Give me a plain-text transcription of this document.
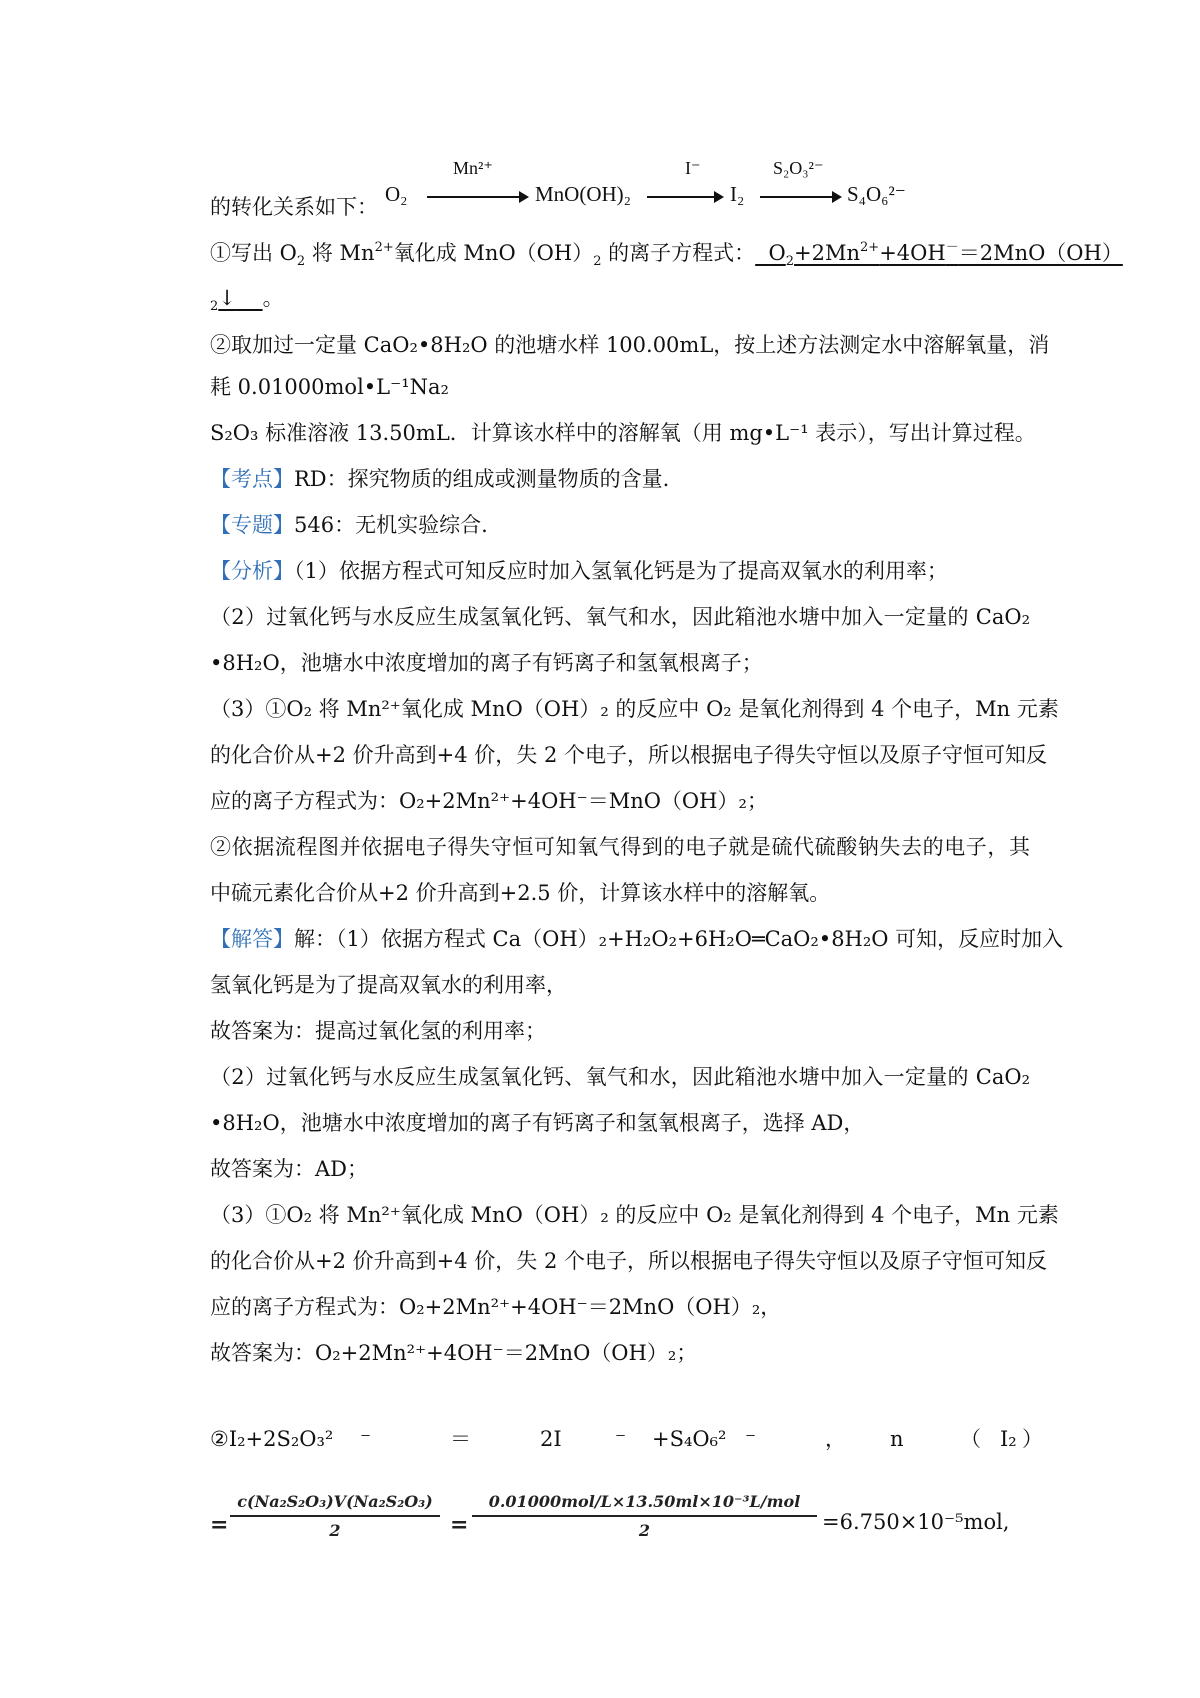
O₂
Mn²⁺
MnO(OH)₂
I⁻
I₂
S₂O₃²⁻
S₄O₆²⁻
的转化关系如下：
①写出 $O_2$ 将 $Mn^{2+}$氧化成 $MnO(OH)_2$ 的离子方程式： $O_2+2Mn^{2+}+4OH^-=2MnO(OH)$
$_2$↓ 。
②取加过一定量 CaO₂•8H₂O 的池塘水样 100.00mL，按上述方法测定水中溶解氧量，消
耗 0.01000mol•L⁻¹Na₂
S₂O₃ 标准溶液 13.50mL．计算该水样中的溶解氧（用 mg•L⁻¹ 表示），写出计算过程。
【考点】RD：探究物质的组成或测量物质的含量.
【专题】546：无机实验综合.
【分析】（1）依据方程式可知反应时加入氢氧化钙是为了提高双氧水的利用率；
（2）过氧化钙与水反应生成氢氧化钙、氧气和水，因此箱池水塘中加入一定量的 CaO₂
•8H₂O，池塘水中浓度增加的离子有钙离子和氢氧根离子；
（3）①O₂ 将 Mn²⁺氧化成 MnO（OH）₂ 的反应中 O₂ 是氧化剂得到 4 个电子，Mn 元素
的化合价从+2 价升高到+4 价，失 2 个电子，所以根据电子得失守恒以及原子守恒可知反
应的离子方程式为：O₂+2Mn²⁺+4OH⁻＝MnO（OH）₂；
②依据流程图并依据电子得失守恒可知氧气得到的电子就是硫代硫酸钠失去的电子，其
中硫元素化合价从+2 价升高到+2.5 价，计算该水样中的溶解氧。
【解答】解：（1）依据方程式 Ca（OH）₂+H₂O₂+6H₂O═CaO₂•8H₂O 可知，反应时加入
氢氧化钙是为了提高双氧水的利用率，
故答案为：提高过氧化氢的利用率；
（2）过氧化钙与水反应生成氢氧化钙、氧气和水，因此箱池水塘中加入一定量的 CaO₂
•8H₂O，池塘水中浓度增加的离子有钙离子和氢氧根离子，选择 AD，
故答案为：AD；
（3）①O₂ 将 Mn²⁺氧化成 MnO（OH）₂ 的反应中 O₂ 是氧化剂得到 4 个电子，Mn 元素
的化合价从+2 价升高到+4 价，失 2 个电子，所以根据电子得失守恒以及原子守恒可知反
应的离子方程式为：O₂+2Mn²⁺+4OH⁻＝2MnO（OH）₂，
故答案为：O₂+2Mn²⁺+4OH⁻＝2MnO（OH）₂；
②I₂+2S₂O₃² ⁻	＝	2I	⁻ +S₄O₆² ⁻	， n	（ I₂ ）
= $\frac{\text{c(Na₂S₂O₃)V(Na₂S₂O₃)}}{2}$ =
0.01000mol/L×13.50ml×10⁻³L/mol
2	=6.750×10⁻⁵mol,
